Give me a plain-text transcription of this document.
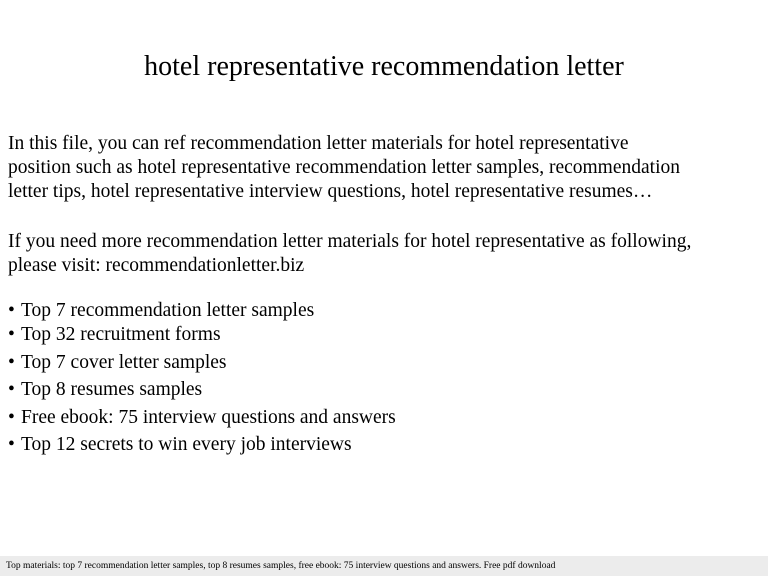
hotel representative recommendation letter

In this file, you can ref recommendation letter materials for hotel representative
position such as hotel representative recommendation letter samples, recommendation
letter tips, hotel representative interview questions, hotel representative resumes…

If you need more recommendation letter materials for hotel representative as following,
please visit: recommendationletter.biz

• Top 7 recommendation letter samples
• Top 32 recruitment forms
• Top 7 cover letter samples
• Top 8 resumes samples
• Free ebook: 75 interview questions and answers
• Top 12 secrets to win every job interviews
Top materials: top 7 recommendation letter samples, top 8 resumes samples, free ebook: 75 interview questions and answers. Free pdf download
